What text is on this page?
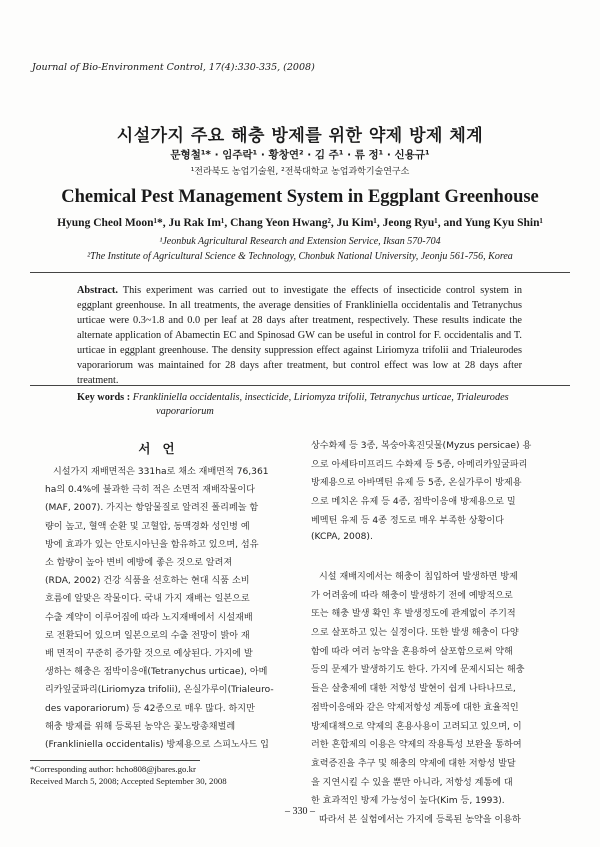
Journal of Bio-Environment Control, 17(4):330-335, (2008)
시설가지 주요 해충 방제를 위한 약제 방제 체계
문형철¹* · 임주락¹ · 황창연² · 김 주¹ · 류 정¹ · 신용규¹
¹전라북도 농업기술원, ²전북대학교 농업과학기술연구소
Chemical Pest Management System in Eggplant Greenhouse
Hyung Cheol Moon¹*, Ju Rak Im¹, Chang Yeon Hwang², Ju Kim¹, Jeong Ryu¹, and Yung Kyu Shin¹
¹Jeonbuk Agricultural Research and Extension Service, Iksan 570-704
²The Institute of Agricultural Science & Technology, Chonbuk National University, Jeonju 561-756, Korea
Abstract. This experiment was carried out to investigate the effects of insecticide control system in eggplant greenhouse. In all treatments, the average densities of Frankliniella occidentalis and Tetranychus urticae were 0.3~1.8 and 0.0 per leaf at 28 days after treatment, respectively. These results indicate the alternate application of Abamectin EC and Spinosad GW can be useful in control for F. occidentalis and T. urticae in eggplant greenhouse. The density suppression effect against Liriomyza trifolii and Trialeurodes vaporariorum was maintained for 28 days after treatment, but control effect was low at 28 days after treatment.
Key words : Frankliniella occidentalis, insecticide, Liriomyza trifolii, Tetranychus urticae, Trialeurodes
vaporariorum
서언
시설가지 재배면적은 331ha로 채소 재배면적 76,361
ha의 0.4%에 불과한 극히 적은 소면적 재배작물이다
(MAF, 2007). 가지는 항암물질로 알려진 폴리페놀 함
량이 높고, 혈액 순환 및 고혈압, 동맥경화 성인병 예
방에 효과가 있는 안토시아닌을 함유하고 있으며, 섬유
소 함량이 높아 변비 예방에 좋은 것으로 알려져
(RDA, 2002) 건강 식품을 선호하는 현대 식품 소비
흐름에 알맞은 작물이다. 국내 가지 재배는 일본으로
수출 계약이 이루어짐에 따라 노지재배에서 시설재배
로 전환되어 있으며 일본으로의 수출 전망이 밝아 재
배 면적이 꾸준히 증가할 것으로 예상된다. 가지에 발
생하는 해충은 점박이응애(Tetranychus urticae), 아메
리카잎굴파리(Liriomyza trifolii), 온실가루이(Trialeuro-
des vaporariorum) 등 42종으로 매우 많다. 하지만
해충 방제를 위해 등록된 농약은 꽃노랑총채벌레
(Frankliniella occidentalis) 방제용으로 스피노사드 입
상수화제 등 3종, 복숭아혹진딧물(Myzus persicae) 용
으로 아세타미프리드 수화제 등 5종, 아메리카잎굴파리
방제용으로 아바멕틴 유제 등 5종, 온실가루이 방제용
으로 메치온 유제 등 4종, 점박이응애 방제용으로 밀
베멕틴 유제 등 4종 정도로 매우 부족한 상황이다
(KCPA, 2008).
시설 재배지에서는 해충이 침입하여 발생하면 방제
가 어려움에 따라 해충이 발생하기 전에 예방적으로
또는 해충 발생 확인 후 발생정도에 관계없이 주기적
으로 살포하고 있는 실정이다. 또한 발생 해충이 다양
함에 따라 여러 농약을 혼용하여 살포함으로써 약해
등의 문제가 발생하기도 한다. 가지에 문제시되는 해충
들은 살충제에 대한 저항성 발현이 쉽게 나타나므로,
점박이응애와 같은 약제저항성 계통에 대한 효율적인
방제대책으로 약제의 혼용사용이 고려되고 있으며, 이
러한 혼합제의 이용은 약제의 작용특성 보완을 통하여
효력증진을 추구 및 해충의 약제에 대한 저항성 발달
을 지연시킬 수 있을 뿐만 아니라, 저항성 계통에 대
한 효과적인 방제 가능성이 높다(Kim 등, 1993).
따라서 본 실험에서는 가지에 등록된 농약을 이용하
*Corresponding author: hcho808@jbares.go.kr
Received March 5, 2008; Accepted September 30, 2008
– 330 –
